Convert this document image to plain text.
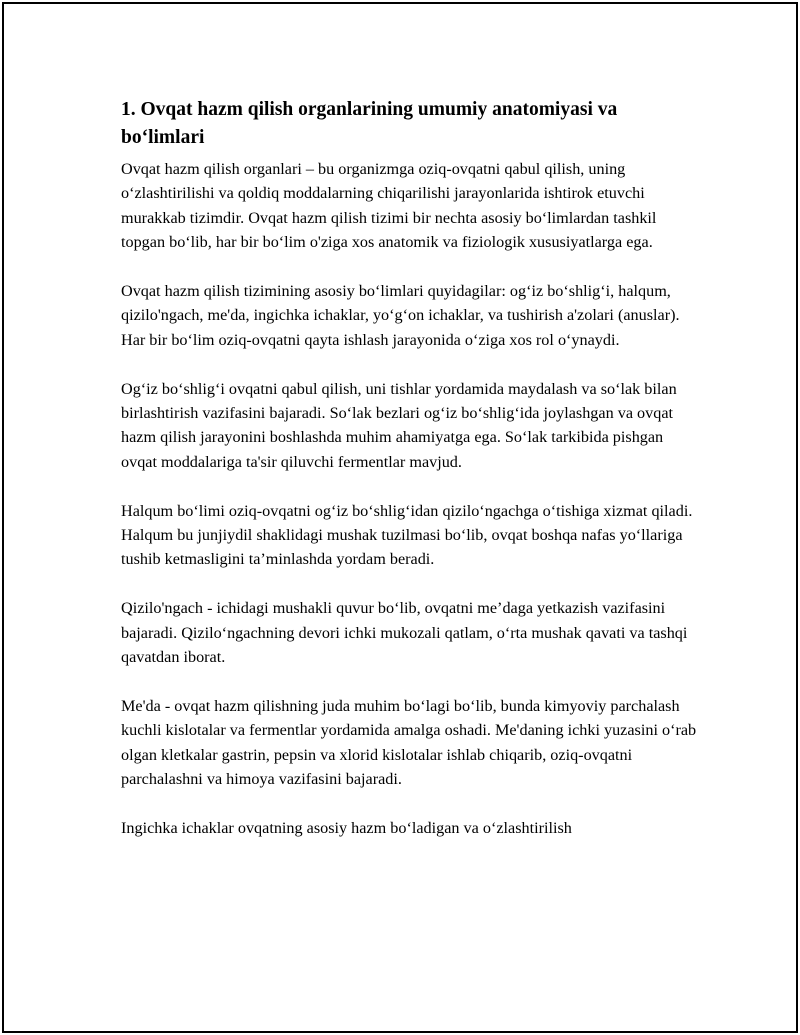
1. Ovqat hazm qilish organlarining umumiy anatomiyasi va bo‘limlari

Ovqat hazm qilish organlari – bu organizmga oziq-ovqatni qabul qilish, uning o‘zlashtirilishi va qoldiq moddalarning chiqarilishi jarayonlarida ishtirok etuvchi murakkab tizimdir. Ovqat hazm qilish tizimi bir nechta asosiy bo‘limlardan tashkil topgan bo‘lib, har bir bo‘lim o'ziga xos anatomik va fiziologik xususiyatlarga ega.

Ovqat hazm qilish tizimining asosiy bo‘limlari quyidagilar: og‘iz bo‘shlig‘i, halqum, qizilo'ngach, me'da, ingichka ichaklar, yo‘g‘on ichaklar, va tushirish a'zolari (anuslar). Har bir bo‘lim oziq-ovqatni qayta ishlash jarayonida o‘ziga xos rol o‘ynaydi.

Og‘iz bo‘shlig‘i ovqatni qabul qilish, uni tishlar yordamida maydalash va so‘lak bilan birlashtirish vazifasini bajaradi. So‘lak bezlari og‘iz bo‘shlig‘ida joylashgan va ovqat hazm qilish jarayonini boshlashda muhim ahamiyatga ega. So‘lak tarkibida pishgan ovqat moddalariga ta'sir qiluvchi fermentlar mavjud.

Halqum bo‘limi oziq-ovqatni og‘iz bo‘shlig‘idan qizilo‘ngachga o‘tishiga xizmat qiladi. Halqum bu junjiydil shaklidagi mushak tuzilmasi bo‘lib, ovqat boshqa nafas yo‘llariga tushib ketmasligini ta’minlashda yordam beradi.

Qizilo'ngach - ichidagi mushakli quvur bo‘lib, ovqatni me’daga yetkazish vazifasini bajaradi. Qizilo‘ngachning devori ichki mukozali qatlam, o‘rta mushak qavati va tashqi qavatdan iborat.

Me'da - ovqat hazm qilishning juda muhim bo‘lagi bo‘lib, bunda kimyoviy parchalash kuchli kislotalar va fermentlar yordamida amalga oshadi. Me'daning ichki yuzasini o‘rab olgan kletkalar gastrin, pepsin va xlorid kislotalar ishlab chiqarib, oziq-ovqatni parchalashni va himoya vazifasini bajaradi.

Ingichka ichaklar ovqatning asosiy hazm bo‘ladigan va o‘zlashtirilish
